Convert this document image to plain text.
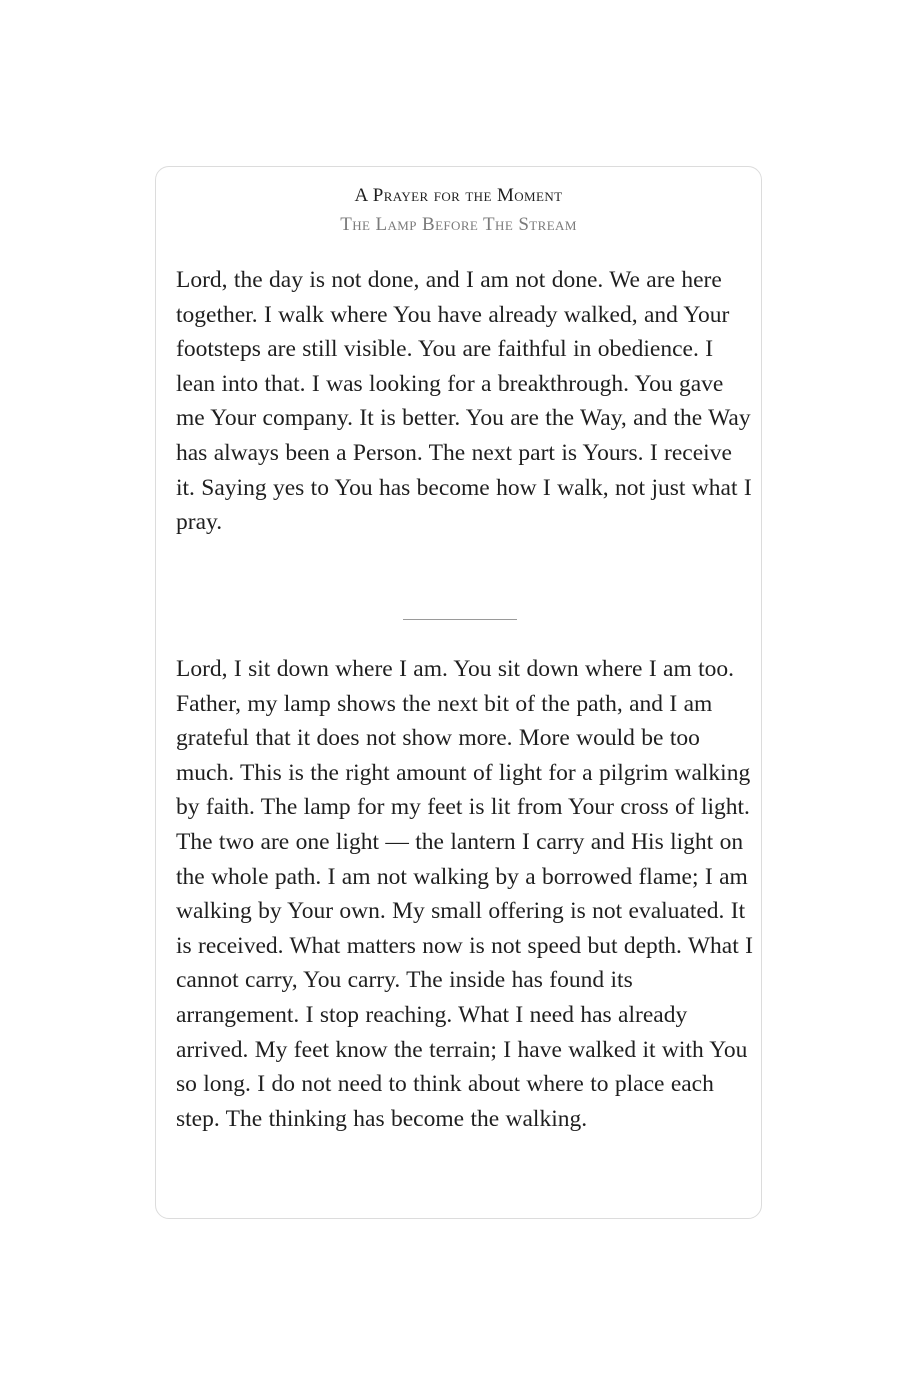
A Prayer for the Moment
The Lamp Before The Stream

Lord, the day is not done, and I am not done. We are here together. I walk where You have already walked, and Your footsteps are still visible. You are faithful in obedience. I lean into that. I was looking for a breakthrough. You gave me Your company. It is better. You are the Way, and the Way has always been a Person. The next part is Yours. I receive it. Saying yes to You has become how I walk, not just what I pray.

Lord, I sit down where I am. You sit down where I am too. Father, my lamp shows the next bit of the path, and I am grateful that it does not show more. More would be too much. This is the right amount of light for a pilgrim walking by faith. The lamp for my feet is lit from Your cross of light. The two are one light — the lantern I carry and His light on the whole path. I am not walking by a borrowed flame; I am walking by Your own. My small offering is not evaluated. It is received. What matters now is not speed but depth. What I cannot carry, You carry. The inside has found its arrangement. I stop reaching. What I need has already arrived. My feet know the terrain; I have walked it with You so long. I do not need to think about where to place each step. The thinking has become the walking.
